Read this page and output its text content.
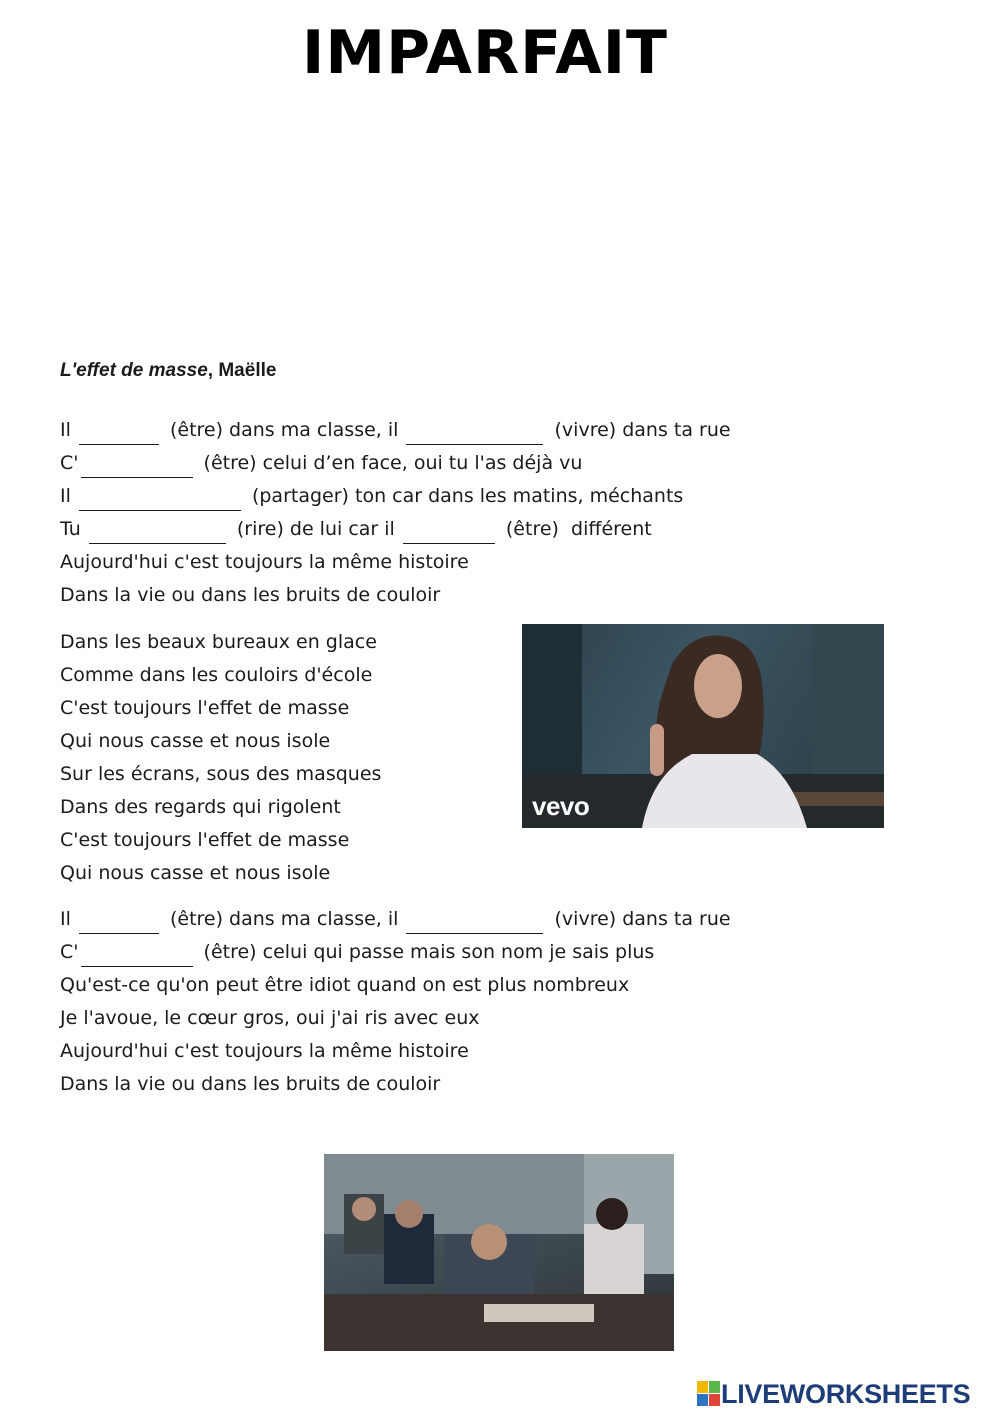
IMPARFAIT
L'effet de masse, Maëlle
Il	(être) dans ma classe, il	(vivre) dans ta rue
C'	(être) celui d’en face, oui tu l'as déjà vu
Il	(partager) ton car dans les matins, méchants
Tu	(rire) de lui car il	(être)  différent
Aujourd'hui c'est toujours la même histoire
Dans la vie ou dans les bruits de couloir
Dans les beaux bureaux en glace
Comme dans les couloirs d'école
C'est toujours l'effet de masse
Qui nous casse et nous isole
Sur les écrans, sous des masques
Dans des regards qui rigolent
C'est toujours l'effet de masse
Qui nous casse et nous isole
vevo
Il	(être) dans ma classe, il	(vivre) dans ta rue
C'	(être) celui qui passe mais son nom je sais plus
Qu'est-ce qu'on peut être idiot quand on est plus nombreux
Je l'avoue, le cœur gros, oui j'ai ris avec eux
Aujourd'hui c'est toujours la même histoire
Dans la vie ou dans les bruits de couloir
LIVEWORKSHEETS
